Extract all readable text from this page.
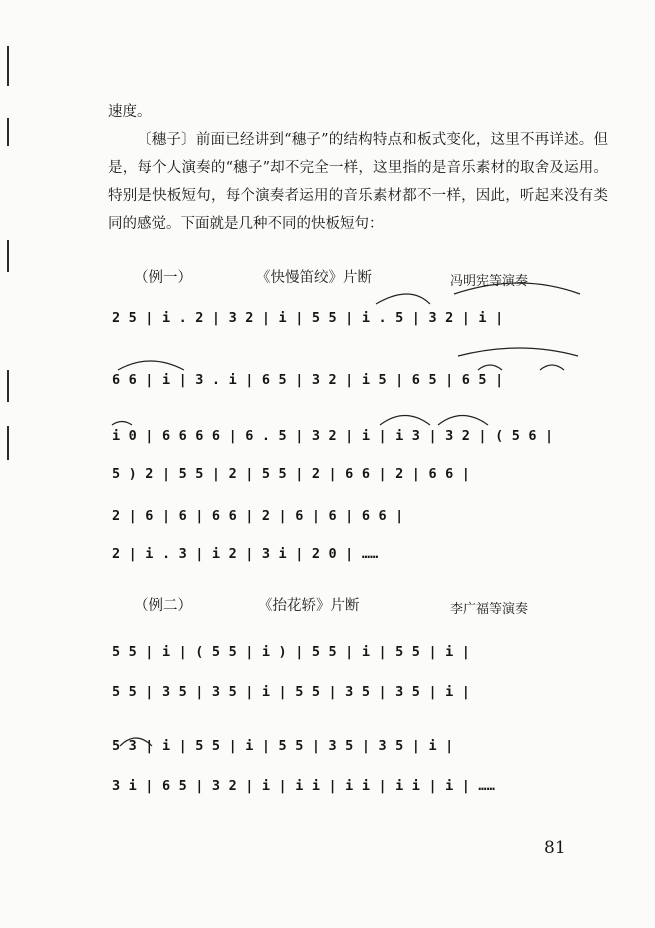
速度。

〔穗子〕前面已经讲到“穗子”的结构特点和板式变化，这里不再详述。但是，每个人演奏的“穗子”却不完全一样，这里指的是音乐素材的取舍及运用。特别是快板短句，每个演奏者运用的音乐素材都不一样，因此，听起来没有类同的感觉。下面就是几种不同的快板短句：

（例一）	《快慢笛绞》片断	冯明宪等演奏
2 5 | i . 2 | 3 2 | i | 5 5 | i . 5 | 3 2 | i |
6 6 | i | 3 . i | 6 5 | 3 2 | i 5 | 6 5 | 6 5 |
i 0 | 6 6 6 6 | 6 . 5 | 3 2 | i | i 3 | 3 2 | ( 5 6 |
5 ) 2 | 5 5 | 2 | 5 5 | 2 | 6 6 | 2 | 6 6 |
2 | 6 | 6 | 6 6 | 2 | 6 | 6 | 6 6 |
2 | i . 3 | i 2 | 3 i | 2 0 | ……
（例二）	《抬花轿》片断	李广福等演奏
5 5 | i | ( 5 5 | i ) | 5 5 | i | 5 5 | i |
5 5 | 3 5 | 3 5 | i | 5 5 | 3 5 | 3 5 | i |
5 3 | i | 5 5 | i | 5 5 | 3 5 | 3 5 | i |
3 i | 6 5 | 3 2 | i | i i | i i | i i | i | ……
81
